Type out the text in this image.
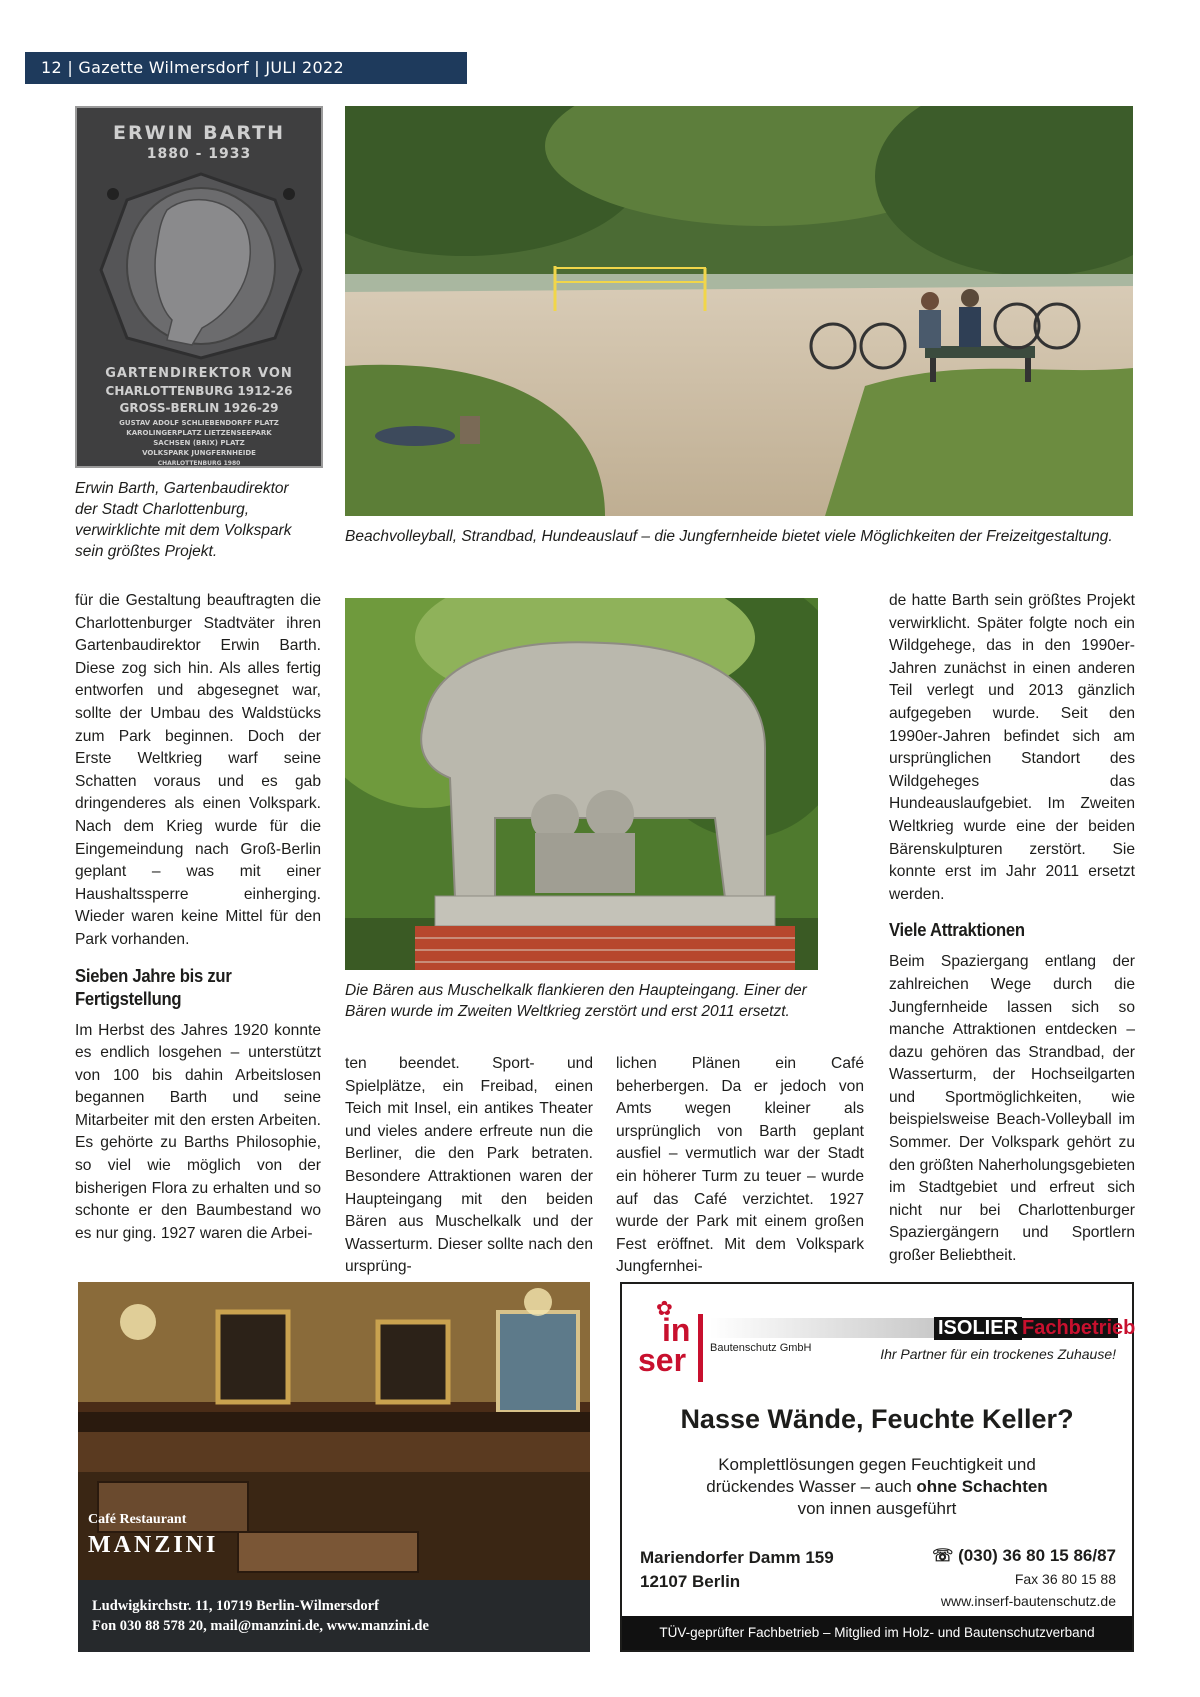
12 | Gazette Wilmersdorf | JULI 2022
ERWIN BARTH
1880 - 1933
GARTENDIREKTOR VON
CHARLOTTENBURG 1912-26
GROSS-BERLIN 1926-29
GUSTAV ADOLF SCHLIEBENDORFF PLATZ
KAROLINGERPLATZ LIETZENSEEPARK
SACHSEN (BRIX) PLATZ
VOLKSPARK JUNGFERNHEIDE
CHARLOTTENBURG 1980
Erwin Barth, Gartenbaudirektor der Stadt Charlottenburg, verwirklichte mit dem Volkspark sein größtes Projekt.
Beachvolleyball, Strandbad, Hundeauslauf – die Jungfernheide bietet viele Möglichkeiten der Freizeitgestaltung.
Die Bären aus Muschelkalk flankieren den Haupteingang. Einer der Bären wurde im Zweiten Weltkrieg zerstört und erst 2011 ersetzt.

für die Gestaltung beauftragten die Charlottenburger Stadtväter ihren Gartenbaudirektor Erwin Barth. Diese zog sich hin. Als alles fertig entworfen und abgesegnet war, sollte der Umbau des Waldstücks zum Park beginnen. Doch der Erste Weltkrieg warf seine Schatten voraus und es gab dringenderes als einen Volkspark. Nach dem Krieg wurde für die Eingemeindung nach Groß-Berlin geplant – was mit einer Haushaltssperre einherging. Wieder waren keine Mittel für den Park vorhanden.

Sieben Jahre bis zur Fertigstellung

Im Herbst des Jahres 1920 konnte es endlich losgehen – unterstützt von 100 bis dahin Arbeitslosen begannen Barth und seine Mitarbeiter mit den ersten Arbeiten. Es gehörte zu Barths Philosophie, so viel wie möglich von der bisherigen Flora zu erhalten und so schonte er den Baumbestand wo es nur ging. 1927 waren die Arbei-

ten beendet. Sport- und Spielplätze, ein Freibad, einen Teich mit Insel, ein antikes Theater und vieles andere erfreute nun die Berliner, die den Park betraten. Besondere Attraktionen waren der Haupteingang mit den beiden Bären aus Muschelkalk und der Wasserturm. Dieser sollte nach den ursprüng-

lichen Plänen ein Café beherbergen. Da er jedoch von Amts wegen kleiner als ursprünglich von Barth geplant ausfiel – vermutlich war der Stadt ein höherer Turm zu teuer – wurde auf das Café verzichtet. 1927 wurde der Park mit einem großen Fest eröffnet. Mit dem Volkspark Jungfernhei-

de hatte Barth sein größtes Projekt verwirklicht. Später folgte noch ein Wildgehege, das in den 1990er-Jahren zunächst in einen anderen Teil verlegt und 2013 gänzlich aufgegeben wurde. Seit den 1990er-Jahren befindet sich am ursprünglichen Standort des Wildgeheges das Hundeauslaufgebiet. Im Zweiten Weltkrieg wurde eine der beiden Bärenskulpturen zerstört. Sie konnte erst im Jahr 2011 ersetzt werden.

Viele Attraktionen

Beim Spaziergang entlang der zahlreichen Wege durch die Jungfernheide lassen sich so manche Attraktionen entdecken – dazu gehören das Strandbad, der Wasserturm, der Hochseilgarten und Sportmöglichkeiten, wie beispielsweise Beach-Volleyball im Sommer. Der Volkspark gehört zu den größten Naherholungsgebieten im Stadtgebiet und erfreut sich nicht nur bei Charlottenburger Spaziergängern und Sportlern großer Beliebtheit.

Café Restaurant
MANZINI
Ludwigkirchstr. 11, 10719 Berlin-Wilmersdorf
Fon 030 88 578 20, mail@manzini.de, www.manzini.de
✿
in
ser Bautenschutz GmbH
ISOLIER Fachbetrieb
Ihr Partner für ein trockenes Zuhause!
Nasse Wände, Feuchte Keller?
Komplettlösungen gegen Feuchtigkeit und
drückendes Wasser – auch ohne Schachten
von innen ausgeführt
Mariendorfer Damm 159
12107 Berlin
☏ (030) 36 80 15 86/87
Fax 36 80 15 88
www.inserf-bautenschutz.de
TÜV-geprüfter Fachbetrieb – Mitglied im Holz- und Bautenschutzverband
